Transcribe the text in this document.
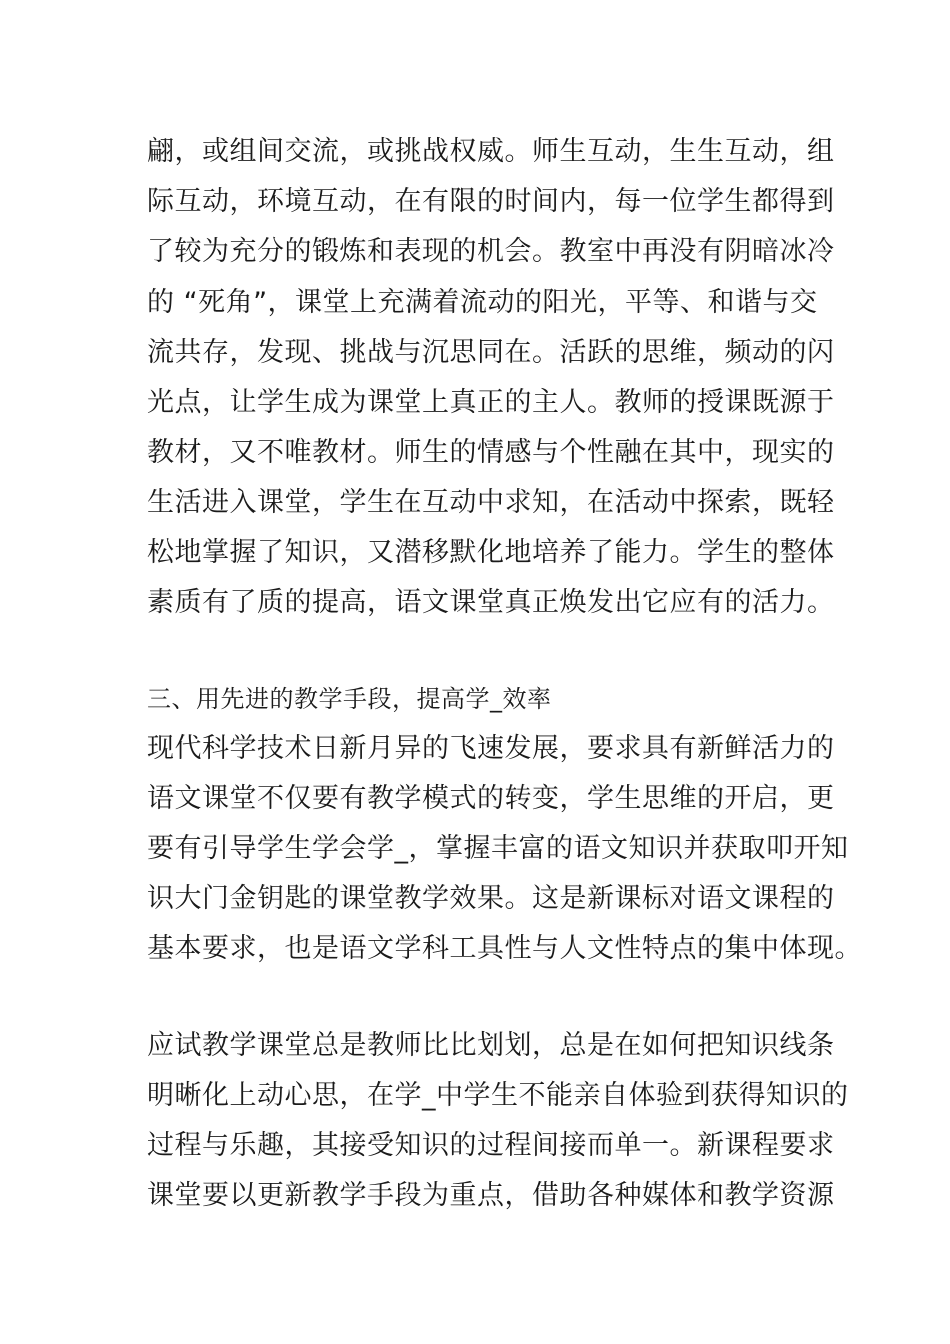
翩，或组间交流，或挑战权威。师生互动，生生互动，组
际互动，环境互动，在有限的时间内，每一位学生都得到
了较为充分的锻炼和表现的机会。教室中再没有阴暗冰冷
的 “死角”，课堂上充满着流动的阳光，平等、和谐与交
流共存，发现、挑战与沉思同在。活跃的思维，频动的闪
光点，让学生成为课堂上真正的主人。教师的授课既源于
教材，又不唯教材。师生的情感与个性融在其中，现实的
生活进入课堂，学生在互动中求知，在活动中探索，既轻
松地掌握了知识，又潜移默化地培养了能力。学生的整体
素质有了质的提高，语文课堂真正焕发出它应有的活力。
三、用先进的教学手段，提高学_效率
现代科学技术日新月异的飞速发展，要求具有新鲜活力的
语文课堂不仅要有教学模式的转变，学生思维的开启，更
要有引导学生学会学_，掌握丰富的语文知识并获取叩开知
识大门金钥匙的课堂教学效果。这是新课标对语文课程的
基本要求，也是语文学科工具性与人文性特点的集中体现。
应试教学课堂总是教师比比划划，总是在如何把知识线条
明晰化上动心思，在学_中学生不能亲自体验到获得知识的
过程与乐趣，其接受知识的过程间接而单一。新课程要求
课堂要以更新教学手段为重点，借助各种媒体和教学资源
